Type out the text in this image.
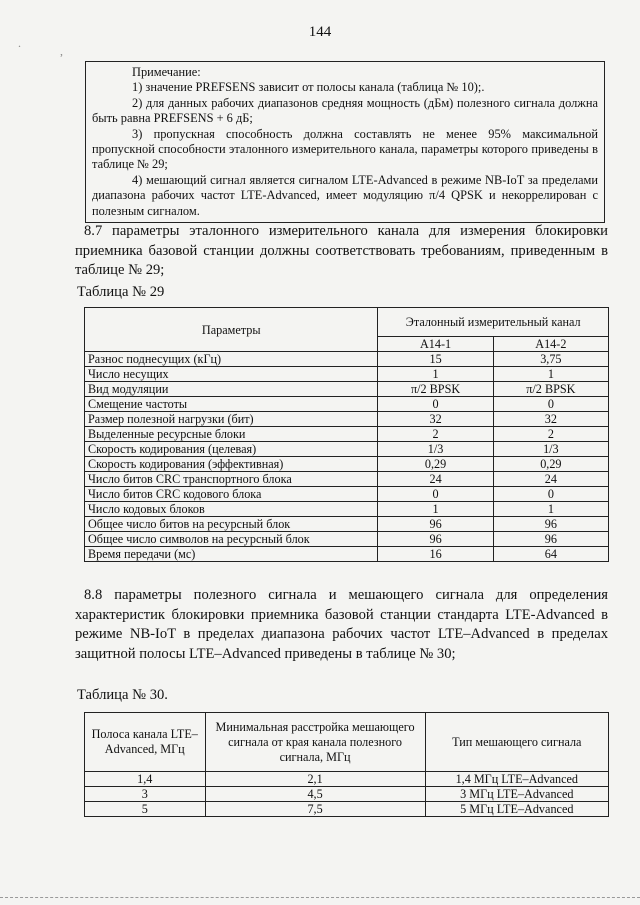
144
.
,

Примечание:

1) значение PREFSENS зависит от полосы канала (таблица № 10);.

2) для данных рабочих диапазонов средняя мощность (дБм) полезного сигнала должна быть равна PREFSENS + 6 дБ;

3) пропускная способность должна составлять не менее 95% максимальной пропускной способности эталонного измерительного канала, параметры которого приведены в таблице № 29;

4) мешающий сигнал является сигналом LTE-Advanced в режиме NB-IoT за пределами диапазона рабочих частот LTE-Advanced, имеет модуляцию π/4 QPSK и некоррелирован с полезным сигналом.

8.7 параметры эталонного измерительного канала для измерения блокировки приемника базовой станции должны соответствовать требованиям, приведенным в таблице № 29;

Таблица № 29
Параметры	Эталонный измерительный канал	
	A14-1	A14-2
Разнос поднесущих (кГц)	15	3,75
Число несущих	1	1
Вид модуляции	π/2 BPSK	π/2 BPSK
Смещение частоты	0	0
Размер полезной нагрузки (бит)	32	32
Выделенные ресурсные блоки	2	2
Скорость кодирования (целевая)	1/3	1/3
Скорость кодирования (эффективная)	0,29	0,29
Число битов CRC транспортного блока	24	24
Число битов CRC кодового блока	0	0
Число кодовых блоков	1	1
Общее число битов на ресурсный блок	96	96
Общее число символов на ресурсный блок	96	96
Время передачи (мс)	16	64

8.8 параметры полезного сигнала и мешающего сигнала для определения характеристик блокировки приемника базовой станции стандарта LTE-Advanced в режиме NB-IoT в пределах диапазона рабочих частот LTE–Advanced в пределах защитной полосы LTE–Advanced приведены в таблице № 30;

Таблица № 30.
Полоса канала LTE–Advanced, МГц	Минимальная расстройка мешающего сигнала от края канала полезного сигнала, МГц	Тип мешающего сигнала
1,4	2,1	1,4 МГц LTE–Advanced
3	4,5	3 МГц LTE–Advanced
5	7,5	5 МГц LTE–Advanced
